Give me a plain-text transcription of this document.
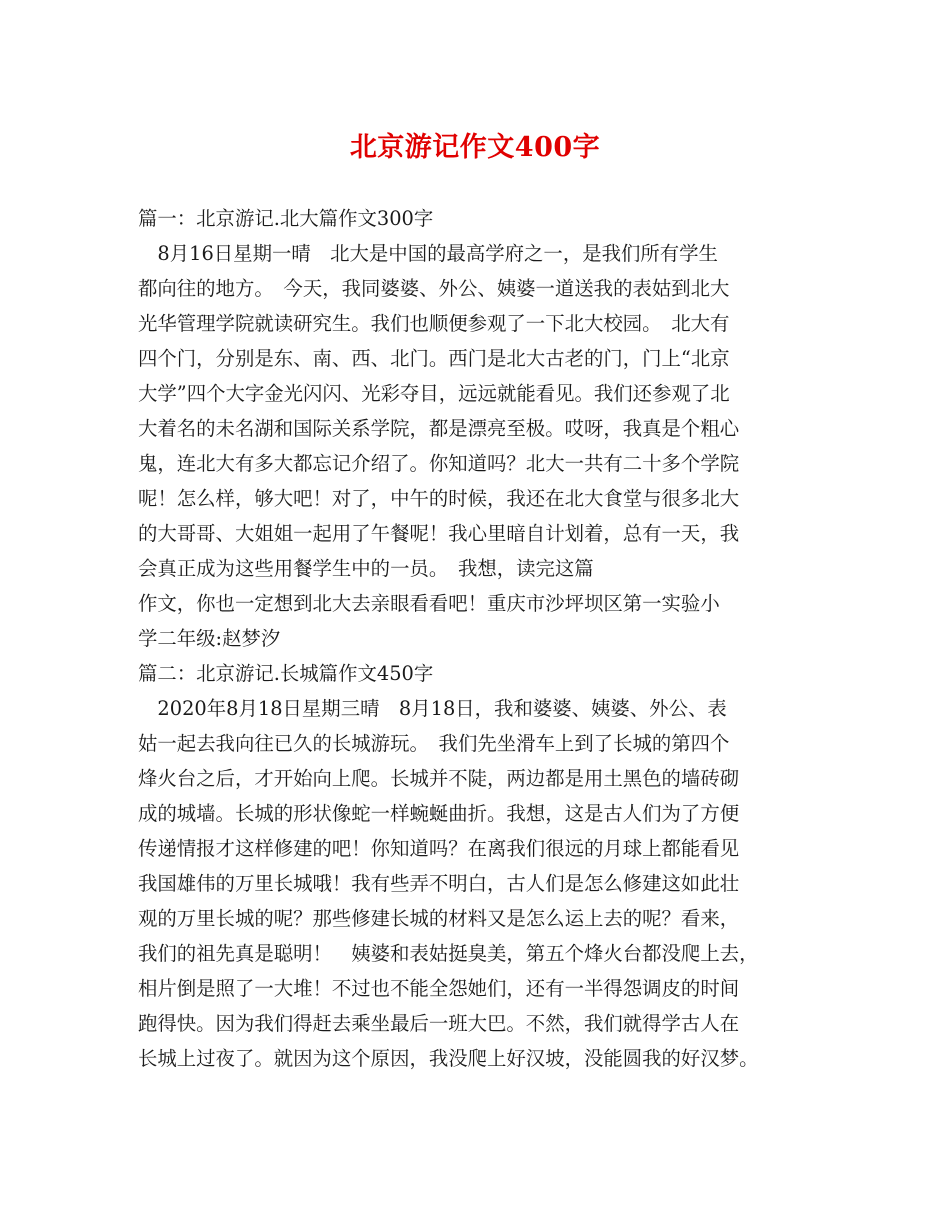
北京游记作文400字
篇一：北京游记.北大篇作文300字
　8月16日星期一晴　北大是中国的最高学府之一，是我们所有学生
都向往的地方。　今天，我同婆婆、外公、姨婆一道送我的表姑到北大
光华管理学院就读研究生。我们也顺便参观了一下北大校园。　北大有
四个门，分别是东、南、西、北门。西门是北大古老的门，门上“北京
大学”四个大字金光闪闪、光彩夺目，远远就能看见。我们还参观了北
大着名的未名湖和国际关系学院，都是漂亮至极。哎呀，我真是个粗心
鬼，连北大有多大都忘记介绍了。你知道吗？北大一共有二十多个学院
呢！怎么样，够大吧！对了，中午的时候，我还在北大食堂与很多北大
的大哥哥、大姐姐一起用了午餐呢！我心里暗自计划着，总有一天，我
会真正成为这些用餐学生中的一员。　我想，读完这篇
作文，你也一定想到北大去亲眼看看吧！重庆市沙坪坝区第一实验小
学二年级:赵梦汐
篇二：北京游记.长城篇作文450字
　2020年8月18日星期三晴　8月18日，我和婆婆、姨婆、外公、表
姑一起去我向往已久的长城游玩。　我们先坐滑车上到了长城的第四个
烽火台之后，才开始向上爬。长城并不陡，两边都是用土黑色的墙砖砌
成的城墙。长城的形状像蛇一样蜿蜒曲折。我想，这是古人们为了方便
传递情报才这样修建的吧！你知道吗？在离我们很远的月球上都能看见
我国雄伟的万里长城哦！我有些弄不明白，古人们是怎么修建这如此壮
观的万里长城的呢？那些修建长城的材料又是怎么运上去的呢？看来，
我们的祖先真是聪明！　姨婆和表姑挺臭美，第五个烽火台都没爬上去，
相片倒是照了一大堆！不过也不能全怨她们，还有一半得怨调皮的时间
跑得快。因为我们得赶去乘坐最后一班大巴。不然，我们就得学古人在
长城上过夜了。就因为这个原因，我没爬上好汉坡，没能圆我的好汉梦。
